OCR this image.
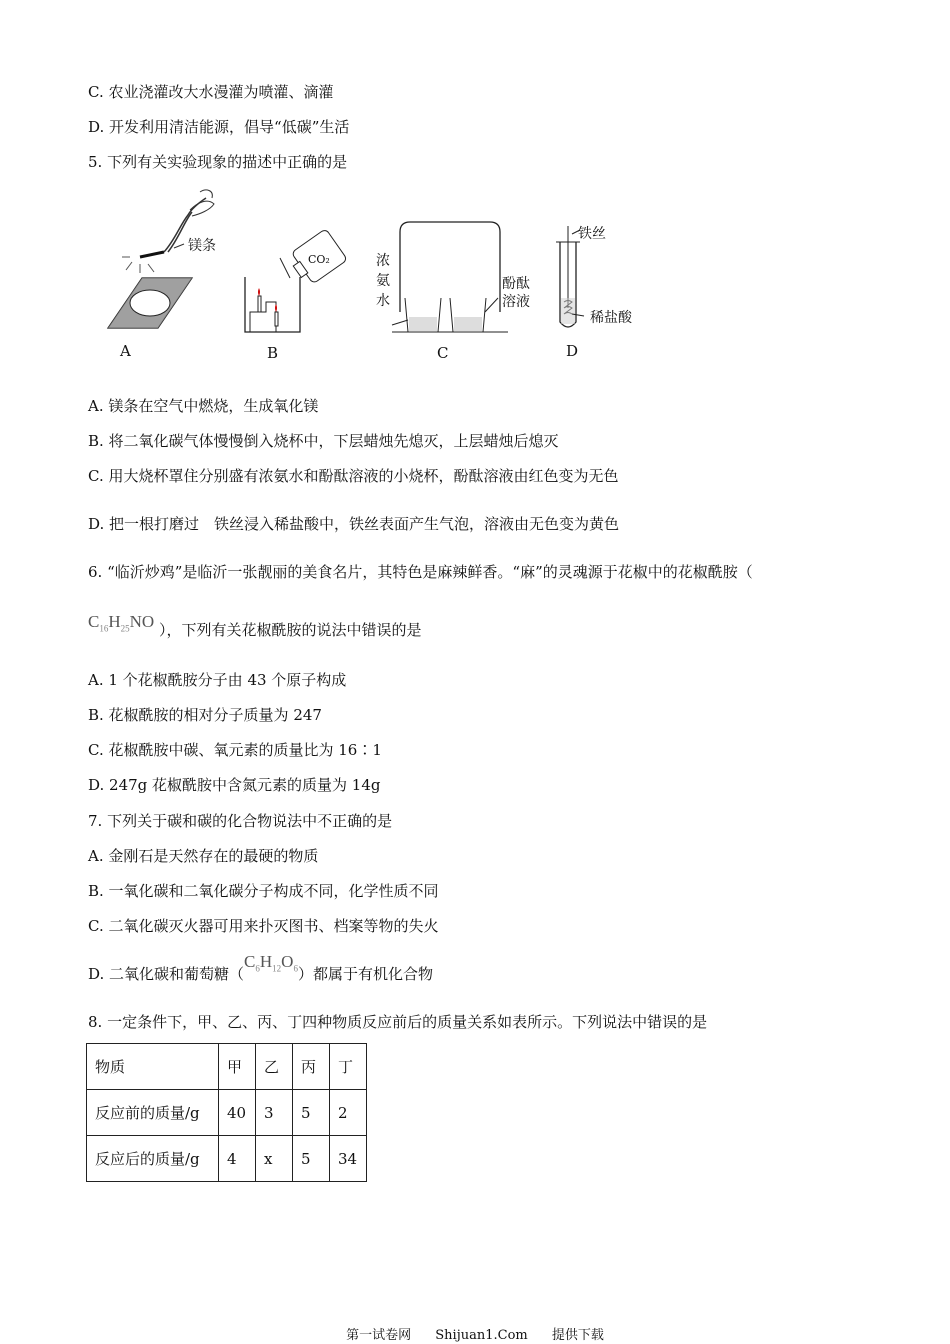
C. 农业浇灌改大水漫灌为喷灌、滴灌
D. 开发利用清洁能源，倡导“低碳”生活
5. 下列有关实验现象的描述中正确的是
镁条
CO₂	浓
氨
水
酚酞
溶液
铁丝
稀盐酸
A	B	C	D
A. 镁条在空气中燃烧，生成氧化镁
B. 将二氧化碳气体慢慢倒入烧杯中，下层蜡烛先熄灭，上层蜡烛后熄灭
C. 用大烧杯罩住分别盛有浓氨水和酚酞溶液的小烧杯，酚酞溶液由红色变为无色
D. 把一根打磨过　铁丝浸入稀盐酸中，铁丝表面产生气泡，溶液由无色变为黄色
6. “临沂炒鸡”是临沂一张靓丽的美食名片，其特色是麻辣鲜香。“麻”的灵魂源于花椒中的花椒酰胺（
$C_{16}H_{25}NO$ ），下列有关花椒酰胺的说法中错误的是
A. 1 个花椒酰胺分子由 43 个原子构成
B. 花椒酰胺的相对分子质量为 247
C. 花椒酰胺中碳、氧元素的质量比为 16∶1
D. 247g 花椒酰胺中含氮元素的质量为 14g
7. 下列关于碳和碳的化合物说法中不正确的是
A. 金刚石是天然存在的最硬的物质
B. 一氧化碳和二氧化碳分子构成不同，化学性质不同
C. 二氧化碳灭火器可用来扑灭图书、档案等物的失火
D. 二氧化碳和葡萄糖$(C_6H_{12}O_6)$都属于有机化合物
8. 一定条件下，甲、乙、丙、丁四种物质反应前后的质量关系如表所示。下列说法中错误的是
物质	甲	乙	丙	丁
反应前的质量/g	40	3	5	2
反应后的质量/g	4	x	5	34
第一试卷网 Shijuan1.Com 提供下载
